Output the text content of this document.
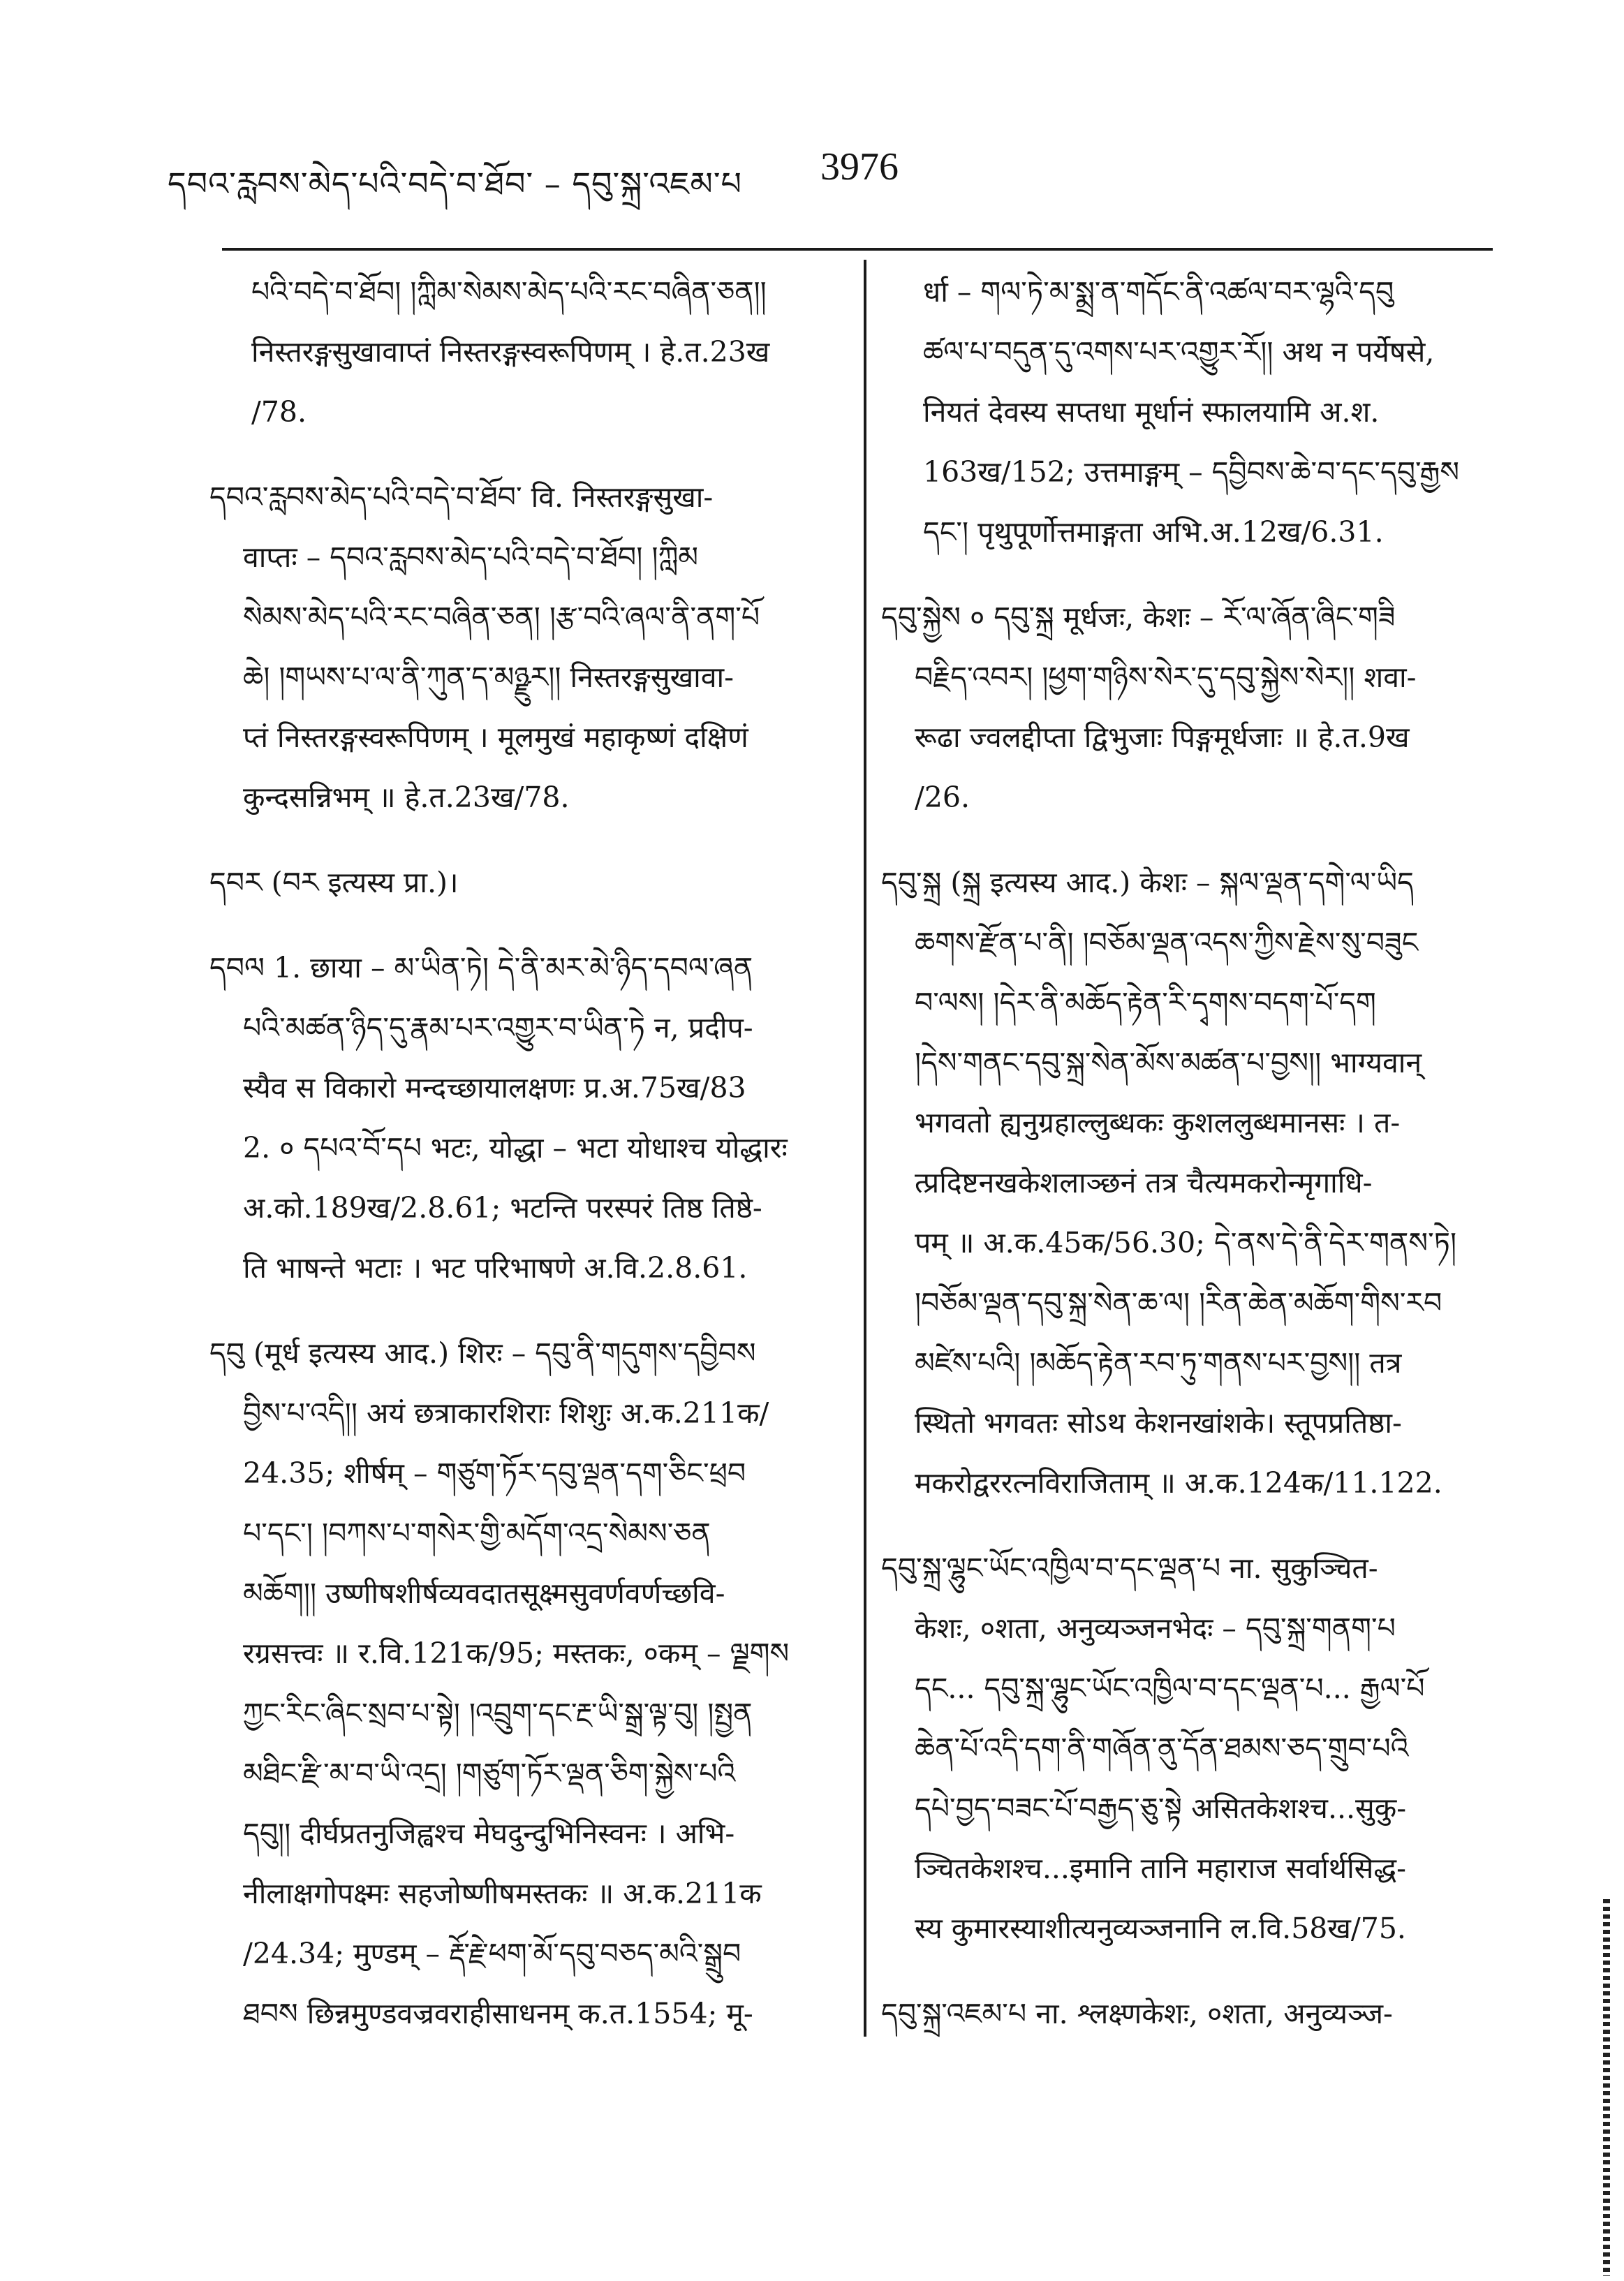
དབའ་རླབས་མེད་པའི་བདེ་བ་ཐོབ་ – དབུ་སྐྲ་འཇམ་པ 3976
པའི་བདེ་བ་ཐོབ། །ཀླིམ་སེམས་མེད་པའི་རང་བཞིན་ཅན།།
निस्तरङ्गसुखावाप्तं निस्तरङ्गस्वरूपिणम् । हे.त.23ख
/78.
དབའ་རླབས་མེད་པའི་བདེ་བ་ཐོབ་ वि. निस्तरङ्गसुखा-
वाप्तः – དབའ་རླབས་མེད་པའི་བདེ་བ་ཐོབ། །ཀླིམ
སེམས་མེད་པའི་རང་བཞིན་ཅན། །རྩ་བའི་ཞལ་ནི་ནག་པོ
ཆེ། །གཡས་པ་ལ་ནི་ཀུན་ད་མཉྫུར།། निस्तरङ्गसुखावा-
प्तं निस्तरङ्गस्वरूपिणम् । मूलमुखं महाकृष्णं दक्षिणं
कुन्दसन्निभम् ॥ हे.त.23ख/78.
དབར (བར इत्यस्य प्रा.)।
དབལ 1. छाया – མ་ཡིན་ཏེ། དེ་ནི་མར་མེ་ཉིད་དབལ་ཞན
པའི་མཚན་ཉིད་དུ་རྣམ་པར་འགྱུར་བ་ཡིན་ཏེ न, प्रदीप-
स्यैव स विकारो मन्दच्छायालक्षणः प्र.अ.75ख/83
2. ० དཔའ་བོ་དཔ भटः, योद्धा – भटा योधाश्च योद्धारः
अ.को.189ख/2.8.61; भटन्ति परस्परं तिष्ठ तिष्ठे-
ति भाषन्ते भटाः । भट परिभाषणे अ.वि.2.8.61.
དབུ (मूर्ध इत्यस्य आद.) शिरः – དབུ་ནི་གདུགས་དབྱིབས
བྱིས་པ་འདི།། अयं छत्राकारशिराः शिशुः अ.क.211क/
24.35; शीर्षम् – གཙུག་ཏོར་དབུ་ལྡན་དག་ཅིང་ཕྲབ
པ་དང་། །བཀས་པ་གསེར་གྱི་མདོག་འདྲ་སེམས་ཅན
མཆོག།། उष्णीषशीर्षव्यवदातसूक्ष्मसुवर्णवर्णच्छवि-
रग्रसत्त्वः ॥ र.वि.121क/95; मस्तकः, ०कम् – ལྗགས
ཀྱང་རིང་ཞིང་སྲབ་པ་སྟེ། །འབྲུག་དང་རྔ་ཡི་སྒྲ་ལྟ་བུ། །སྤྱན
མཐིང་རྫི་མ་བ་ཡི་འདྲ། །གཙུག་ཏོར་ལྡན་ཅིག་སྐྱེས་པའི
དབུ།། दीर्घप्रतनुजिह्वश्च मेघदुन्दुभिनिस्वनः । अभि-
नीलाक्षगोपक्ष्मः सहजोष्णीषमस्तकः ॥ अ.क.211क
/24.34; मुण्डम् – རྡོ་རྗེ་ཕག་མོ་དབུ་བཅད་མའི་སྒྲུབ
ཐབས छिन्नमुण्डवज्रवराहीसाधनम् क.त.1554; मू-
र्धा – གལ་ཏེ་མ་སྨྲ་ན་གདོང་ནི་འཚལ་བར་ལྷའི་དབུ
ཚལ་པ་བདུན་དུ་འགས་པར་འགྱུར་རོ།། अथ न पर्येषसे,
नियतं देवस्य सप्तधा मूर्धानं स्फालयामि अ.श.
163ख/152; उत्तमाङ्गम् – དབྱིབས་ཆེ་བ་དང་དབུ་རྒྱས
དང་། पृथुपूर्णोत्तमाङ्गता अभि.अ.12ख/6.31.
དབུ་སྐྱེས ० དབུ་སྐྲ मूर्धजः, केशः – རོ་ལ་ཞོན་ཞིང་གཟི
བརྗིད་འབར། །ཕྱག་གཉིས་སེར་དུ་དབུ་སྐྱེས་སེར།། शवा-
रूढा ज्वलद्दीप्ता द्विभुजाः पिङ्गमूर्धजाः ॥ हे.त.9ख
/26.
དབུ་སྐྲ (སྐྲ इत्यस्य आद.) केशः – སྐལ་ལྡན་དགེ་ལ་ཡིད
ཆགས་རྫོན་པ་ནི། །བཅོམ་ལྡན་འདས་ཀྱིས་རྗེས་སུ་བཟུང
བ་ལས། །དེར་ནི་མཆོད་རྟེན་རི་དྭགས་བདག་པོ་དག
།དེས་གནང་དབུ་སྐྲ་སེན་མོས་མཚན་པ་བྱས།། भाग्यवान्
भगवतो ह्यनुग्रहाल्लुब्धकः कुशललुब्धमानसः । त-
त्प्रदिष्टनखकेशलाञ्छनं तत्र चैत्यमकरोन्मृगाधि-
पम् ॥ अ.क.45क/56.30; དེ་ནས་དེ་ནི་དེར་གནས་ཏེ།
།བཅོམ་ལྡན་དབུ་སྐྲ་སེན་ཆ་ལ། །རིན་ཆེན་མཆོག་གིས་རབ
མཛེས་པའི། །མཆོད་རྟེན་རབ་ཏུ་གནས་པར་བྱས།། तत्र
स्थितो भगवतः सोऽथ केशनखांशके। स्तूपप्रतिष्ठा-
मकरोद्वररत्नविराजिताम् ॥ अ.क.124क/11.122.
དབུ་སྐྲ་ལྷུང་ཡོང་འཁྱིལ་བ་དང་ལྡན་པ ना. सुकुञ्चित-
केशः, ०शता, अनुव्यञ्जनभेदः – དབུ་སྐྲ་གནག་པ
དང... དབུ་སྐྲ་ལྷུང་ཡོང་འཁྱིལ་བ་དང་ལྡན་པ... རྒྱལ་པོ
ཆེན་པོ་འདི་དག་ནི་གཞོན་ནུ་དོན་ཐམས་ཅད་གྲུབ་པའི
དཔེ་བྱད་བཟང་པོ་བརྒྱད་ཅུ་སྟེ असितकेशश्च...सुकु-
ञ्चितकेशश्च...इमानि तानि महाराज सर्वार्थसिद्ध-
स्य कुमारस्याशीत्यनुव्यञ्जनानि ल.वि.58ख/75.
དབུ་སྐྲ་འཇམ་པ ना. श्लक्ष्णकेशः, ०शता, अनुव्यञ्ज-
